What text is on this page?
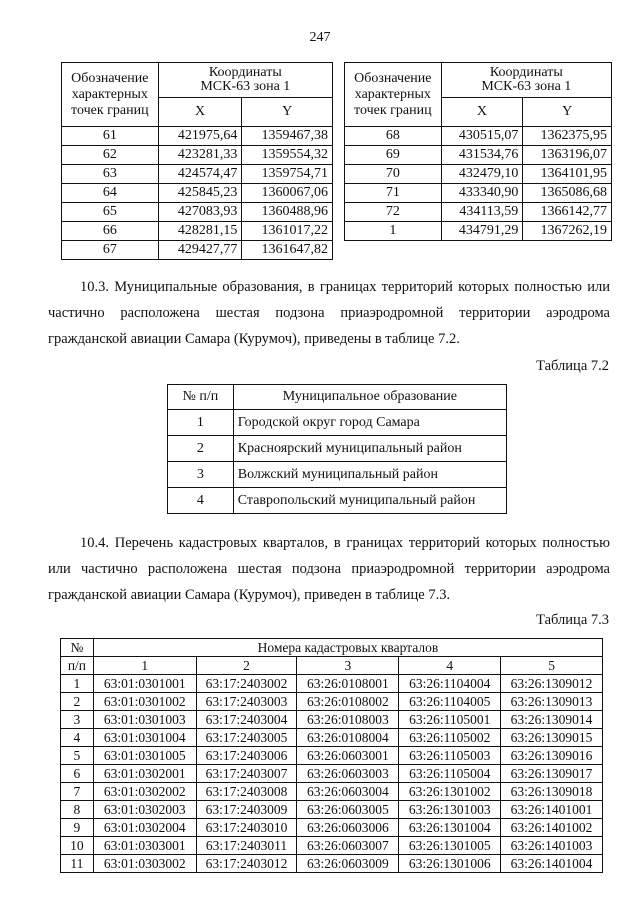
247
Обозначение характерных точек границ	Координаты
МСК-63 зона 1	

	X	Y
61	421975,64	1359467,38
62	423281,33	1359554,32
63	424574,47	1359754,71
64	425845,23	1360067,06
65	427083,93	1360488,96
66	428281,15	1361017,22
67	429427,77	1361647,82
Обозначение характерных точек границ	Координаты
МСК-63 зона 1	

	X	Y
68	430515,07	1362375,95
69	431534,76	1363196,07
70	432479,10	1364101,95
71	433340,90	1365086,68
72	434113,59	1366142,77
1	434791,29	1367262,19

10.3. Муниципальные образования, в границах территорий которых полностью или частично расположена шестая подзона приаэродромной территории аэродрома гражданской авиации Самара (Курумоч), приведены в таблице 7.2.

Таблица 7.2
№ п/п	Муниципальное образование
1	Городской округ город Самара
2	Красноярский муниципальный район
3	Волжский муниципальный район
4	Ставропольский муниципальный район

10.4. Перечень кадастровых кварталов, в границах территорий которых полностью или частично расположена шестая подзона приаэродромной территории аэродрома гражданской авиации Самара (Курумоч), приведен в таблице 7.3.

Таблица 7.3
№	Номера кадастровых кварталов				
п/п	1	2	3	4	5
1	63:01:0301001	63:17:2403002	63:26:0108001	63:26:1104004	63:26:1309012
2	63:01:0301002	63:17:2403003	63:26:0108002	63:26:1104005	63:26:1309013
3	63:01:0301003	63:17:2403004	63:26:0108003	63:26:1105001	63:26:1309014
4	63:01:0301004	63:17:2403005	63:26:0108004	63:26:1105002	63:26:1309015
5	63:01:0301005	63:17:2403006	63:26:0603001	63:26:1105003	63:26:1309016
6	63:01:0302001	63:17:2403007	63:26:0603003	63:26:1105004	63:26:1309017
7	63:01:0302002	63:17:2403008	63:26:0603004	63:26:1301002	63:26:1309018
8	63:01:0302003	63:17:2403009	63:26:0603005	63:26:1301003	63:26:1401001
9	63:01:0302004	63:17:2403010	63:26:0603006	63:26:1301004	63:26:1401002
10	63:01:0303001	63:17:2403011	63:26:0603007	63:26:1301005	63:26:1401003
11	63:01:0303002	63:17:2403012	63:26:0603009	63:26:1301006	63:26:1401004
